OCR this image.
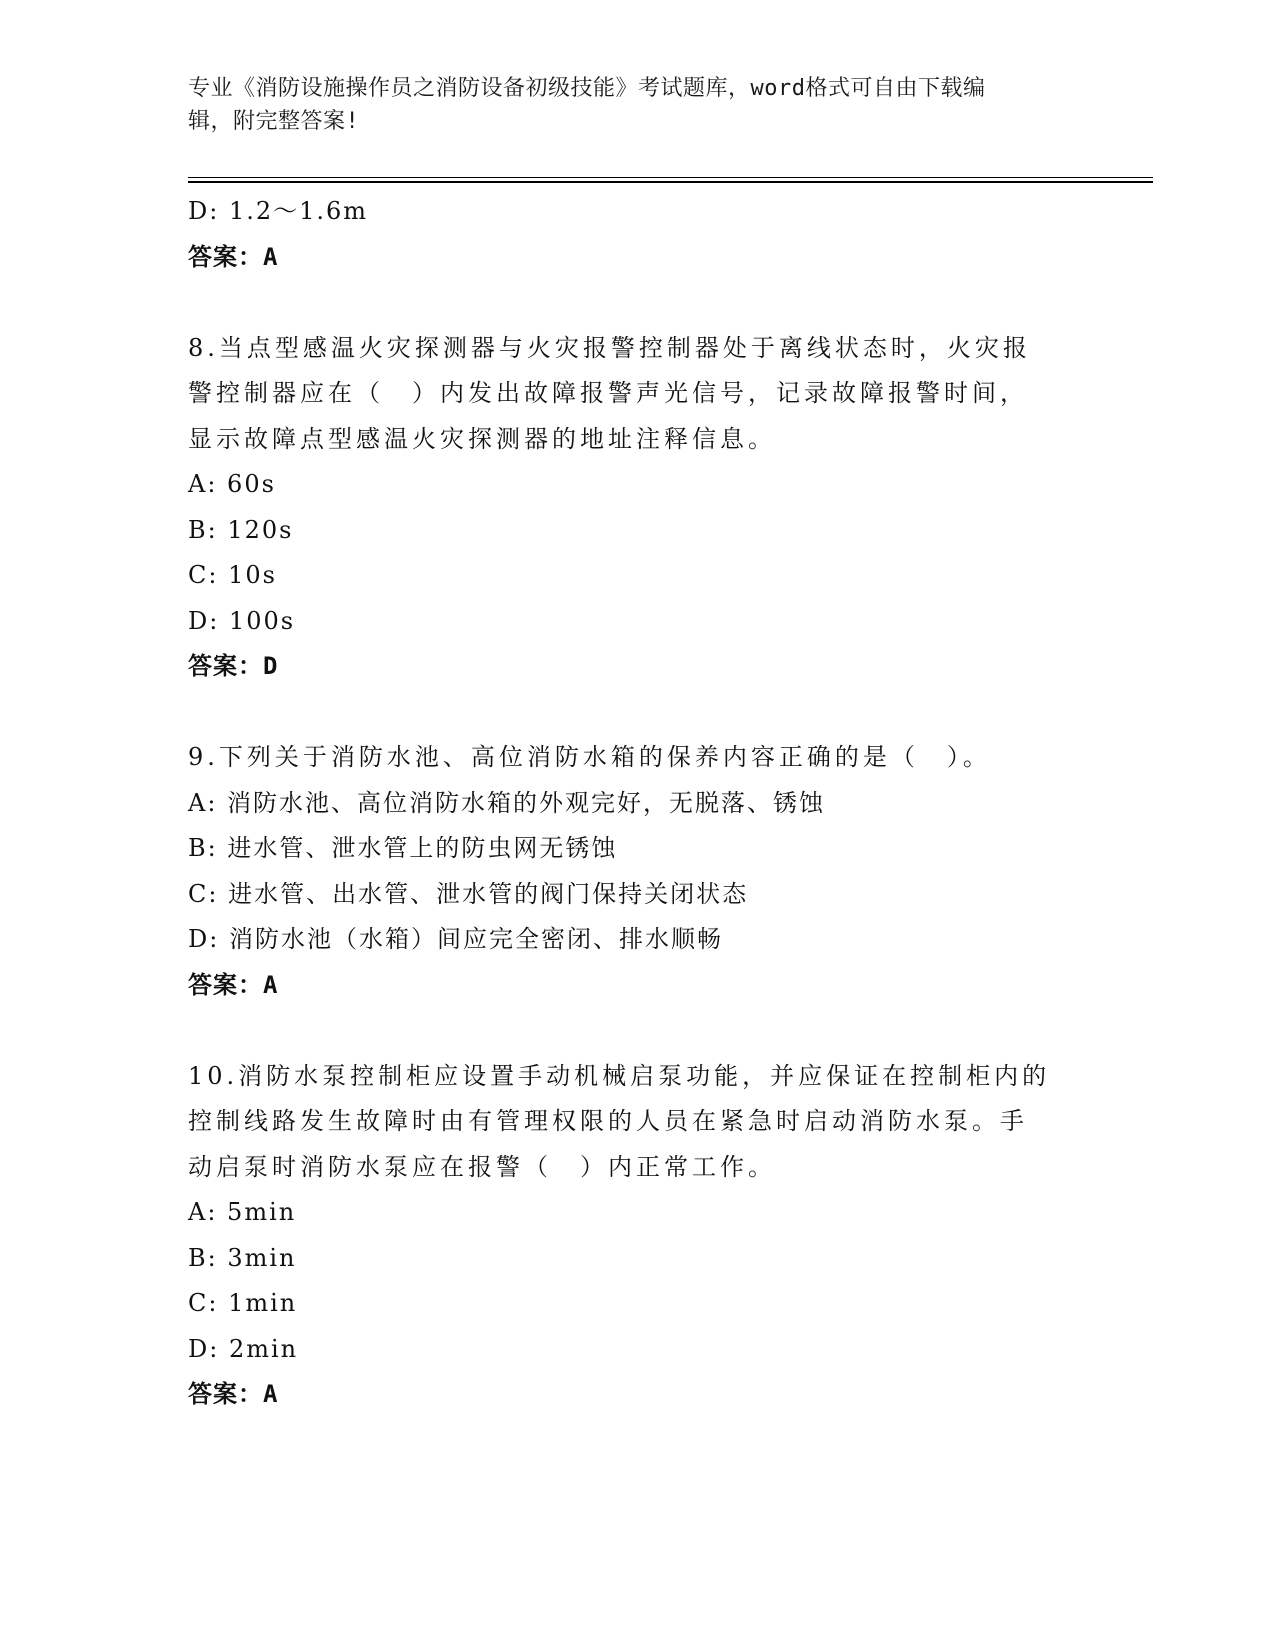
专业《消防设施操作员之消防设备初级技能》考试题库，word格式可自由下载编
辑，附完整答案!
D: 1.2～1.6m
答案：A
8.当点型感温火灾探测器与火灾报警控制器处于离线状态时，火灾报
警控制器应在（　）内发出故障报警声光信号，记录故障报警时间，
显示故障点型感温火灾探测器的地址注释信息。
A: 60s
B: 120s
C: 10s
D: 100s
答案：D
9.下列关于消防水池、高位消防水箱的保养内容正确的是（　）。
A: 消防水池、高位消防水箱的外观完好，无脱落、锈蚀
B: 进水管、泄水管上的防虫网无锈蚀
C: 进水管、出水管、泄水管的阀门保持关闭状态
D: 消防水池（水箱）间应完全密闭、排水顺畅
答案：A
10.消防水泵控制柜应设置手动机械启泵功能，并应保证在控制柜内的
控制线路发生故障时由有管理权限的人员在紧急时启动消防水泵。手
动启泵时消防水泵应在报警（　）内正常工作。
A: 5min
B: 3min
C: 1min
D: 2min
答案：A
